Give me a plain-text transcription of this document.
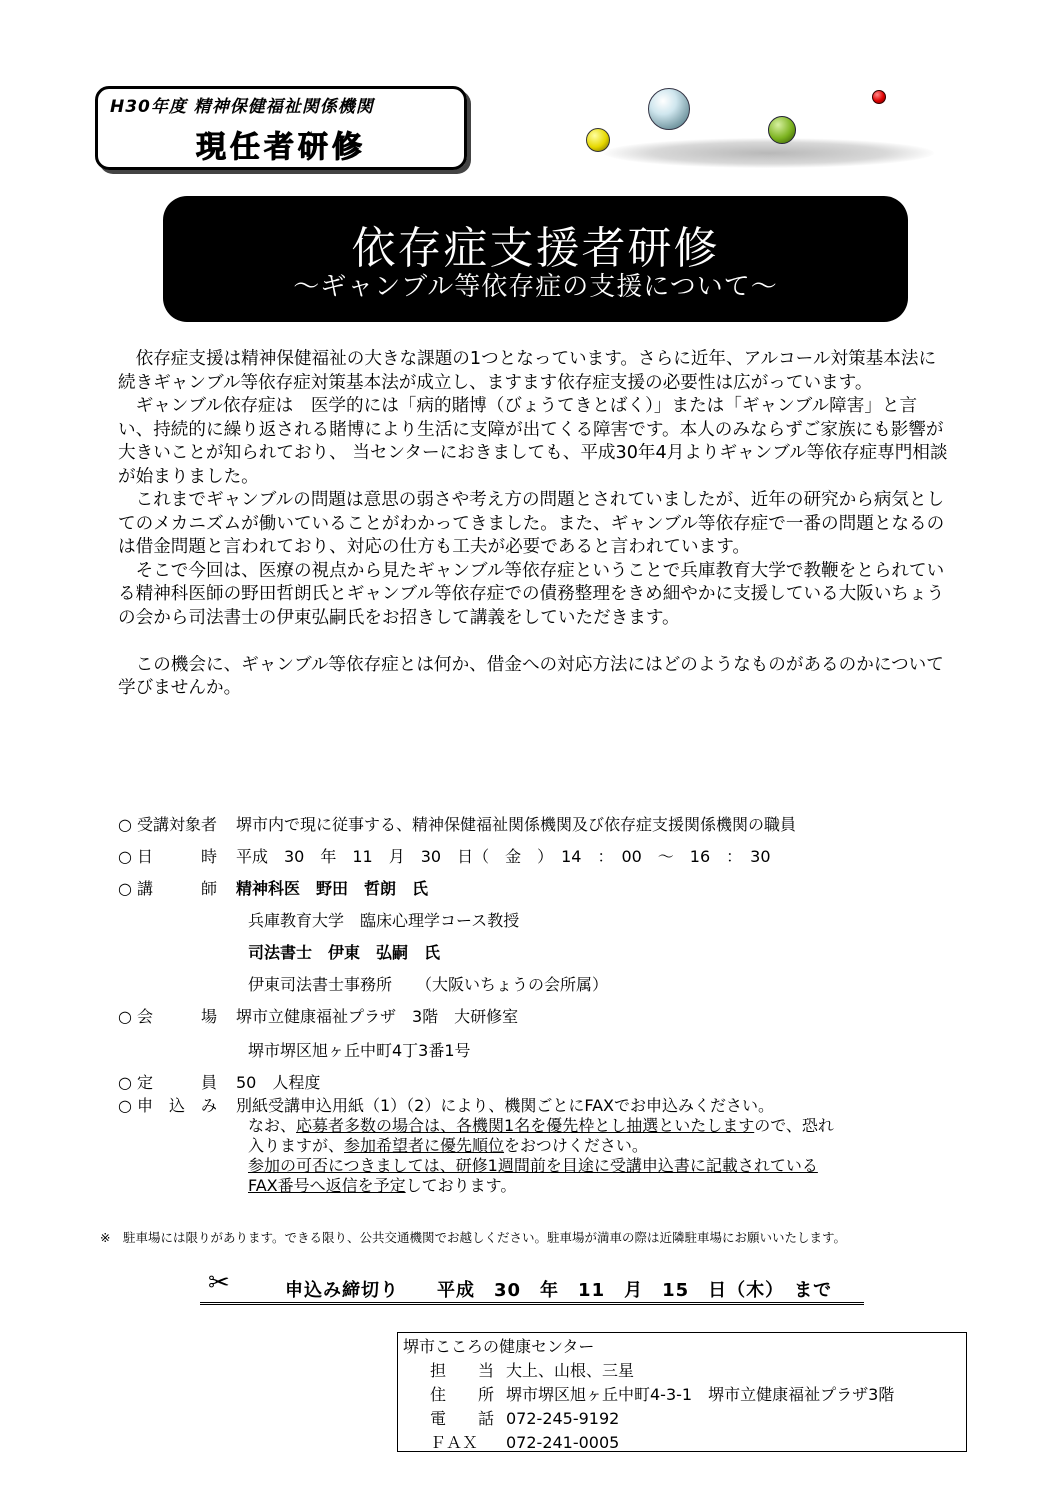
H30年度 精神保健福祉関係機関
現任者研修
依存症支援者研修
～ギャンブル等依存症の支援について～

依存症支援は精神保健福祉の大きな課題の1つとなっています。さらに近年、アルコール対策基本法に続きギャンブル等依存症対策基本法が成立し、ますます依存症支援の必要性は広がっています。

ギャンブル依存症は　医学的には「病的賭博（びょうてきとばく）」または「ギャンブル障害」と言い、持続的に繰り返される賭博により生活に支障が出てくる障害です。本人のみならずご家族にも影響が大きいことが知られており、 当センターにおきましても、平成30年4月よりギャンブル等依存症専門相談が始まりました。

これまでギャンブルの問題は意思の弱さや考え方の問題とされていましたが、近年の研究から病気としてのメカニズムが働いていることがわかってきました。また、ギャンブル等依存症で一番の問題となるのは借金問題と言われており、対応の仕方も工夫が必要であると言われています。

そこで今回は、医療の視点から見たギャンブル等依存症ということで兵庫教育大学で教鞭をとられている精神科医師の野田哲朗氏とギャンブル等依存症での債務整理をきめ細やかに支援している大阪いちょうの会から司法書士の伊東弘嗣氏をお招きして講義をしていただきます。

この機会に、ギャンブル等依存症とは何か、借金への対応方法にはどのようなものがあるのかについて学びませんか。

○ 受講対象者 堺市内で現に従事する、精神保健福祉関係機関及び依存症支援関係機関の職員
○ 日　　　時 平成　30　年　11　月　30　日（　金　）　14　：　00　～　16　：　30
○ 講　　　師 精神科医　野田　哲朗　氏
兵庫教育大学　臨床心理学コース教授
司法書士　伊東　弘嗣　氏
伊東司法書士事務所　　（大阪いちょうの会所属）
○ 会　　　場 堺市立健康福祉プラザ　3階　大研修室
堺市堺区旭ヶ丘中町4丁3番1号
○ 定　　　員 50　人程度
○ 申　込　み 別紙受講申込用紙（1）（2）により、機関ごとにFAXでお申込みください。
なお、応募者多数の場合は、各機関1名を優先枠とし抽選といたしますので、恐れ
入りますが、参加希望者に優先順位をおつけください。
参加の可否につきましては、研修1週間前を目途に受講申込書に記載されている
FAX番号へ返信を予定しております。
※　駐車場には限りがあります。できる限り、公共交通機関でお越しください。駐車場が満車の際は近隣駐車場にお願いいたします。
✂	申込み締切り　　平成　30　年　11　月　15　日（木）　まで
堺市こころの健康センター
担　　当 大上、山根、三星
住　　所 堺市堺区旭ヶ丘中町4-3-1　堺市立健康福祉プラザ3階
電　　話 072-245-9192
ＦＡＸ 072-241-0005
